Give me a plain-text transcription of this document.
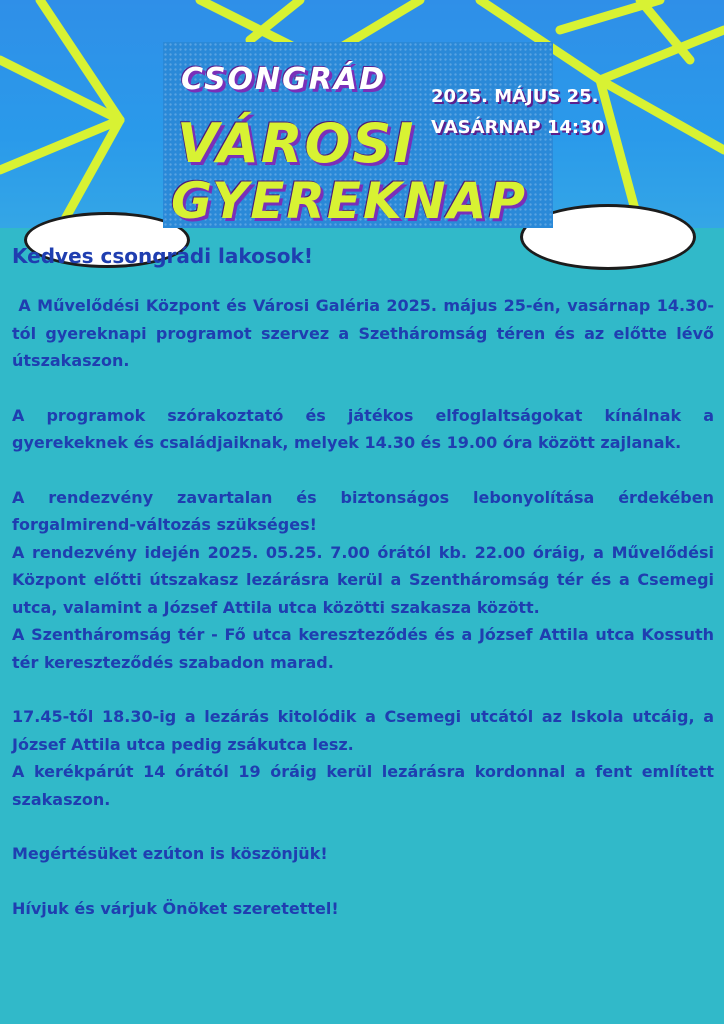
CSONGRÁD
VÁROSI
GYEREKNAP
2025. MÁJUS 25.
VASÁRNAP 14:30
Kedves csongrádi lakosok!

A Művelődési Központ és Városi Galéria 2025. május 25-én, vasárnap 14.30-tól gyereknapi programot szervez a Szetháromság téren és az előtte lévő útszakaszon.

A programok szórakoztató és játékos elfoglaltságokat kínálnak a gyerekeknek és családjaiknak, melyek 14.30 és 19.00 óra között zajlanak.

A rendezvény zavartalan és biztonságos lebonyolítása érdekében forgalmirend-változás szükséges!

A rendezvény idején 2025. 05.25. 7.00 órától kb. 22.00 óráig, a Művelődési Központ előtti útszakasz lezárásra kerül a Szentháromság tér és a Csemegi utca, valamint a József Attila utca közötti szakasza között.

A Szentháromság tér - Fő utca kereszteződés és a József Attila utca Kossuth tér kereszteződés szabadon marad.

17.45-től 18.30-ig a lezárás kitolódik a Csemegi utcától az Iskola utcáig, a József Attila utca pedig zsákutca lesz.

A kerékpárút 14 órától 19 óráig kerül lezárásra kordonnal a fent említett szakaszon.

Megértésüket ezúton is köszönjük!

Hívjuk és várjuk Önöket szeretettel!
